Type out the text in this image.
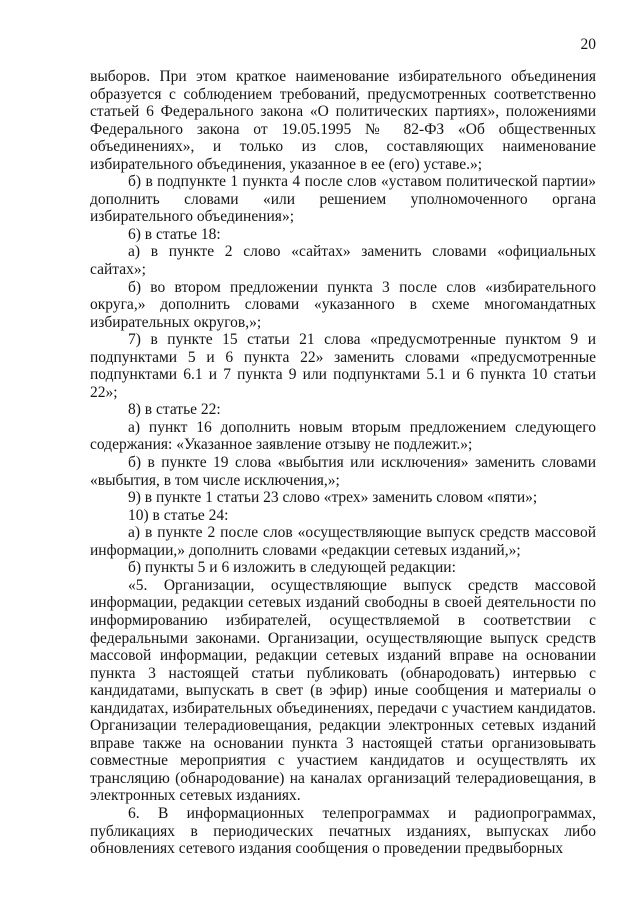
20

выборов. При этом краткое наименование избирательного объединения образуется с соблюдением требований, предусмотренных соответственно статьей 6 Федерального закона «О политических партиях», положениями Федерального закона от 19.05.1995 № 82-ФЗ «Об общественных объединениях», и только из слов, составляющих наименование избирательного объединения, указанное в ее (его) уставе.»;

б) в подпункте 1 пункта 4 после слов «уставом политической партии» дополнить словами «или решением уполномоченного органа избирательного объединения»;

6) в статье 18:

а) в пункте 2 слово «сайтах» заменить словами «официальных сайтах»;

б) во втором предложении пункта 3 после слов «избирательного округа,» дополнить словами «указанного в схеме многомандатных избирательных округов,»;

7) в пункте 15 статьи 21 слова «предусмотренные пунктом 9 и подпунктами 5 и 6 пункта 22» заменить словами «предусмотренные подпунктами 6.1 и 7 пункта 9 или подпунктами 5.1 и 6 пункта 10 статьи 22»;

8) в статье 22:

а) пункт 16 дополнить новым вторым предложением следующего содержания: «Указанное заявление отзыву не подлежит.»;

б) в пункте 19 слова «выбытия или исключения» заменить словами «выбытия, в том числе исключения,»;

9) в пункте 1 статьи 23 слово «трех» заменить словом «пяти»;

10) в статье 24:

а) в пункте 2 после слов «осуществляющие выпуск средств массовой информации,» дополнить словами «редакции сетевых изданий,»;

б) пункты 5 и 6 изложить в следующей редакции:

«5. Организации, осуществляющие выпуск средств массовой информации, редакции сетевых изданий свободны в своей деятельности по информированию избирателей, осуществляемой в соответствии с федеральными законами. Организации, осуществляющие выпуск средств массовой информации, редакции сетевых изданий вправе на основании пункта 3 настоящей статьи публиковать (обнародовать) интервью с кандидатами, выпускать в свет (в эфир) иные сообщения и материалы о кандидатах, избирательных объединениях, передачи с участием кандидатов. Организации телерадиовещания, редакции электронных сетевых изданий вправе также на основании пункта 3 настоящей статьи организовывать совместные мероприятия с участием кандидатов и осуществлять их трансляцию (обнародование) на каналах организаций телерадиовещания, в электронных сетевых изданиях.

6. В информационных телепрограммах и радиопрограммах, публикациях в периодических печатных изданиях, выпусках либо обновлениях сетевого издания сообщения о проведении предвыборных
